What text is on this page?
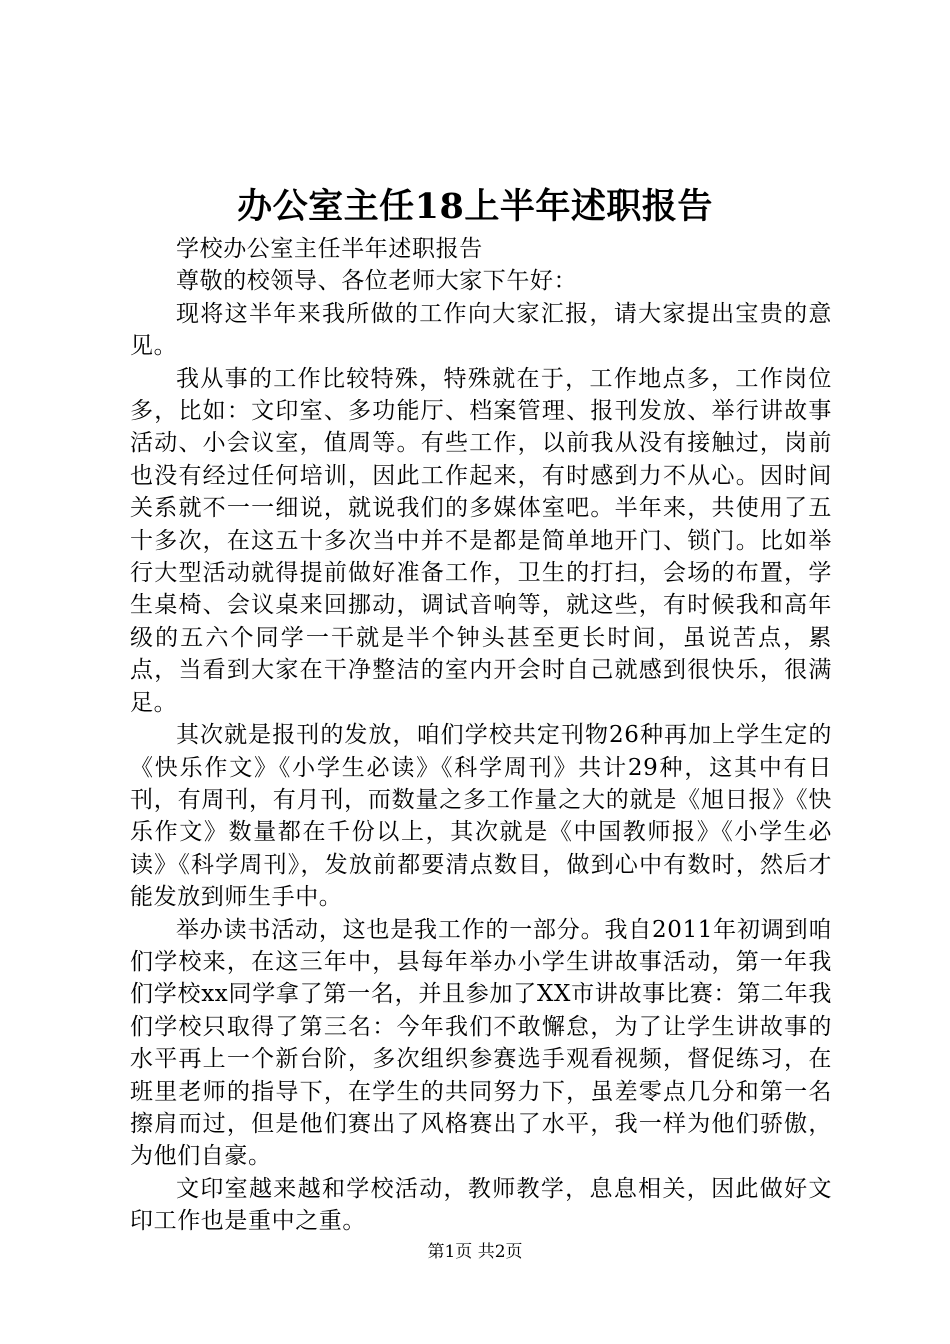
办公室主任18上半年述职报告

学校办公室主任半年述职报告

尊敬的校领导、各位老师大家下午好：

现将这半年来我所做的工作向大家汇报，请大家提出宝贵的意见。

我从事的工作比较特殊，特殊就在于，工作地点多，工作岗位多，比如：文印室、多功能厅、档案管理、报刊发放、举行讲故事活动、小会议室，值周等。有些工作，以前我从没有接触过，岗前也没有经过任何培训，因此工作起来，有时感到力不从心。因时间关系就不一一细说，就说我们的多媒体室吧。半年来，共使用了五十多次，在这五十多次当中并不是都是简单地开门、锁门。比如举行大型活动就得提前做好准备工作，卫生的打扫，会场的布置，学生桌椅、会议桌来回挪动，调试音响等，就这些，有时候我和高年级的五六个同学一干就是半个钟头甚至更长时间，虽说苦点，累点，当看到大家在干净整洁的室内开会时自己就感到很快乐，很满足。

其次就是报刊的发放，咱们学校共定刊物26种再加上学生定的《快乐作文》《小学生必读》《科学周刊》共计29种，这其中有日刊，有周刊，有月刊，而数量之多工作量之大的就是《旭日报》《快乐作文》数量都在千份以上，其次就是《中国教师报》《小学生必读》《科学周刊》，发放前都要清点数目，做到心中有数时，然后才能发放到师生手中。

举办读书活动，这也是我工作的一部分。我自2011年初调到咱们学校来，在这三年中，县每年举办小学生讲故事活动，第一年我们学校xx同学拿了第一名，并且参加了XX市讲故事比赛：第二年我们学校只取得了第三名：今年我们不敢懈怠，为了让学生讲故事的水平再上一个新台阶，多次组织参赛选手观看视频，督促练习，在班里老师的指导下，在学生的共同努力下，虽差零点几分和第一名擦肩而过，但是他们赛出了风格赛出了水平，我一样为他们骄傲，为他们自豪。

文印室越来越和学校活动，教师教学，息息相关，因此做好文印工作也是重中之重。

第1页 共2页
